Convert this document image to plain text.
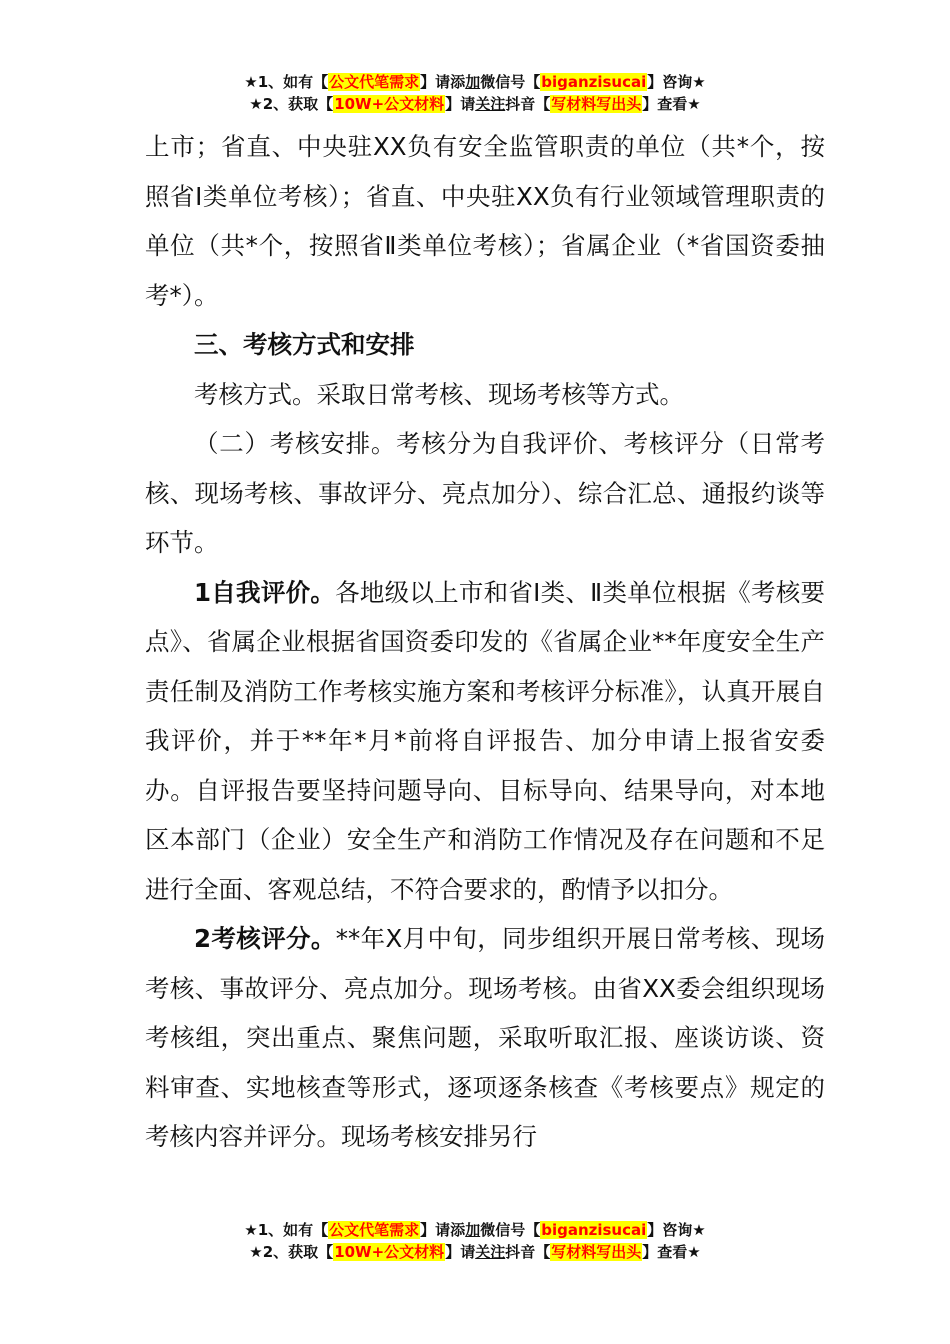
★1、如有【公文代笔需求】请添加微信号【biganzisucai】咨询★
★2、获取【10W+公文材料】请关注抖音【写材料写出头】查看★

上市；省直、中央驻XX负有安全监管职责的单位（共*个，按照省Ⅰ类单位考核）；省直、中央驻XX负有行业领域管理职责的单位（共*个，按照省Ⅱ类单位考核）；省属企业（*省国资委抽考*）。

三、考核方式和安排

考核方式。采取日常考核、现场考核等方式。

（二）考核安排。考核分为自我评价、考核评分（日常考核、现场考核、事故评分、亮点加分）、综合汇总、通报约谈等环节。

1自我评价。各地级以上市和省Ⅰ类、Ⅱ类单位根据《考核要点》、省属企业根据省国资委印发的《省属企业**年度安全生产责任制及消防工作考核实施方案和考核评分标准》，认真开展自我评价，并于**年*月*前将自评报告、加分申请上报省安委办。自评报告要坚持问题导向、目标导向、结果导向，对本地区本部门（企业）安全生产和消防工作情况及存在问题和不足进行全面、客观总结，不符合要求的，酌情予以扣分。

2考核评分。**年X月中旬，同步组织开展日常考核、现场考核、事故评分、亮点加分。现场考核。由省XX委会组织现场考核组，突出重点、聚焦问题，采取听取汇报、座谈访谈、资料审查、实地核查等形式，逐项逐条核查《考核要点》规定的考核内容并评分。现场考核安排另行

★1、如有【公文代笔需求】请添加微信号【biganzisucai】咨询★
★2、获取【10W+公文材料】请关注抖音【写材料写出头】查看★
